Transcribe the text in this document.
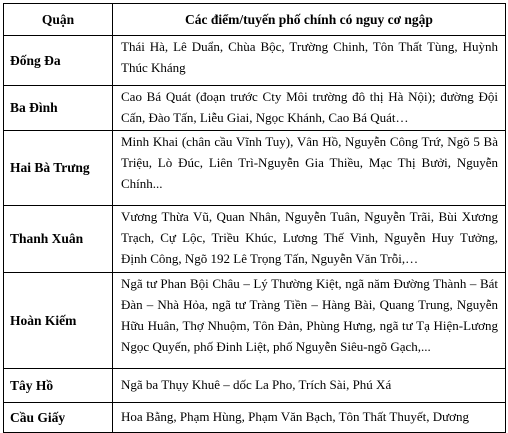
Quận	Các điểm/tuyến phố chính có nguy cơ ngập
Đống Đa	Thái Hà, Lê Duẩn, Chùa Bộc, Trường Chinh, Tôn Thất Tùng, Huỳnh Thúc Kháng
Ba Đình	Cao Bá Quát (đoạn trước Cty Môi trường đô thị Hà Nội); đường Đội Cấn, Đào Tấn, Liễu Giai, Ngọc Khánh, Cao Bá Quát…
Hai Bà Trưng	Minh Khai (chân cầu Vĩnh Tuy), Vân Hồ, Nguyễn Công Trứ, Ngõ 5 Bà Triệu, Lò Đúc, Liên Trì-Nguyễn Gia Thiều, Mạc Thị Bưởi, Nguyễn Chính...
Thanh Xuân	Vương Thừa Vũ, Quan Nhân, Nguyễn Tuân, Nguyễn Trãi, Bùi Xương Trạch, Cự Lộc, Triều Khúc, Lương Thế Vinh, Nguyễn Huy Tưởng, Định Công, Ngõ 192 Lê Trọng Tấn, Nguyễn Văn Trỗi,…
Hoàn Kiếm	Ngã tư Phan Bội Châu – Lý Thường Kiệt, ngã năm Đường Thành – Bát Đàn – Nhà Hỏa, ngã tư Tràng Tiền – Hàng Bài, Quang Trung, Nguyễn Hữu Huân, Thợ Nhuộm, Tôn Đản, Phùng Hưng, ngã tư Tạ Hiện-Lương Ngọc Quyến, phố Đinh Liệt, phố Nguyễn Siêu-ngõ Gạch,...
Tây Hồ	Ngã ba Thụy Khuê – dốc La Pho, Trích Sài, Phú Xá
Cầu Giấy	Hoa Bằng, Phạm Hùng, Phạm Văn Bạch, Tôn Thất Thuyết, Dương
